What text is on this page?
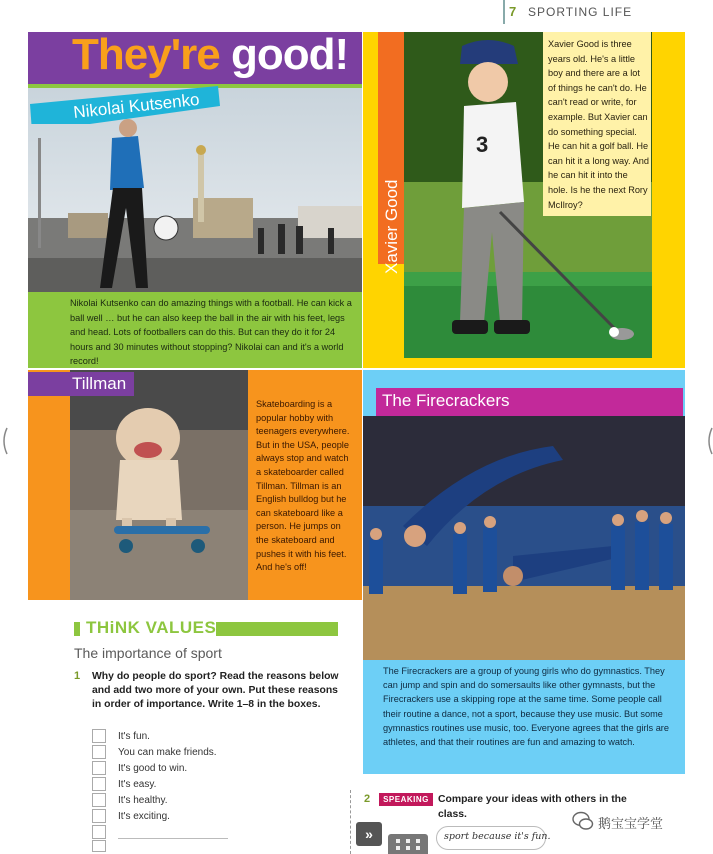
7 SPORTING LIFE
They're good!
Nikolai Kutsenko
Nikolai Kutsenko can do amazing things with a football. He can kick a ball well … but he can also keep the ball in the air with his feet, legs and head. Lots of footballers can do this. But can they do it for 24 hours and 30 minutes without stopping? Nikolai can and it's a world record!
3
Xavier Good is three years old. He's a little boy and there are a lot of things he can't do. He can't read or write, for example. But Xavier can do something special. He can hit a golf ball. He can hit it a long way. And he can hit it into the hole. Is he the next Rory McIlroy?
Xavier Good
Tillman
Skateboarding is a popular hobby with teenagers everywhere. But in the USA, people always stop and watch a skateboarder called Tillman. Tillman is an English bulldog but he can skateboard like a person. He jumps on the skateboard and pushes it with his feet. And he's off!
The Firecrackers
The Firecrackers are a group of young girls who do gymnastics. They can jump and spin and do somersaults like other gymnasts, but the Firecrackers use a skipping rope at the same time. Some people call their routine a dance, not a sport, because they use music. But some gymnastics routines use music, too. Everyone agrees that the girls are athletes, and that their routines are fun and amazing to watch.
THiNK VALUES
The importance of sport
1 Why do people do sport? Read the reasons below and add two more of your own. Put these reasons in order of importance. Write 1–8 in the boxes.
It's fun.
You can make friends.
It's good to win.
It's easy.
It's healthy.
It's exciting.
2	SPEAKING Compare your ideas with others in the class.
sport because it's fun.
»
鹅宝宝学堂
